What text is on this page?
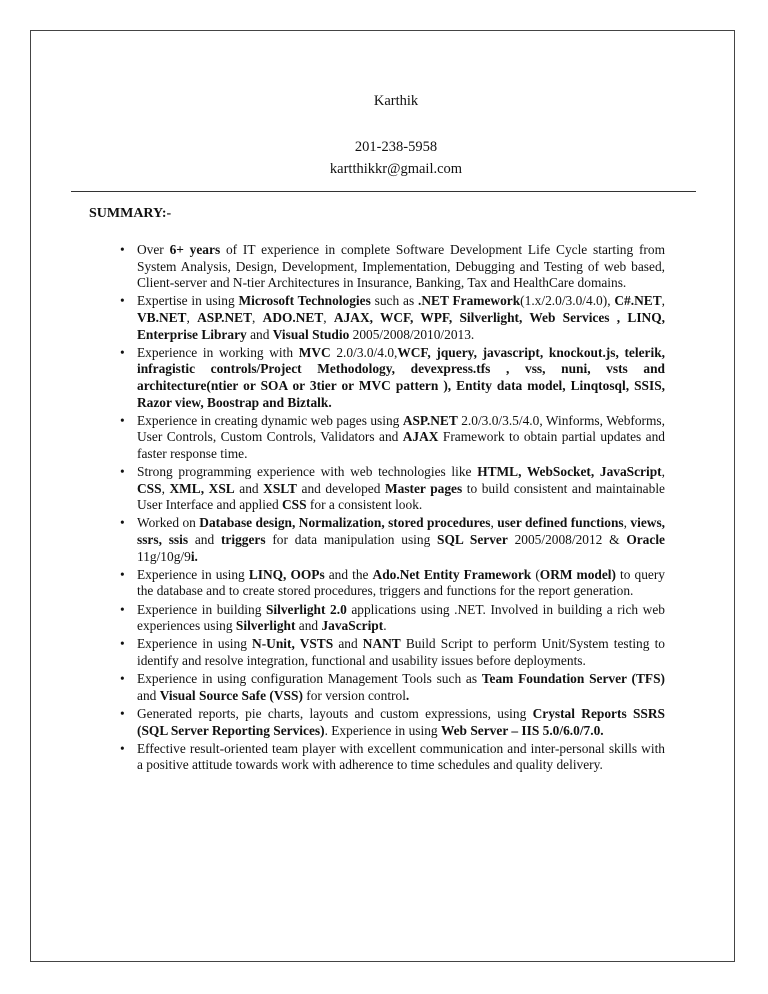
Karthik
201-238-5958
kartthikkr@gmail.com
SUMMARY:-
• Over 6+ years of IT experience in complete Software Development Life Cycle starting from System Analysis, Design, Development, Implementation, Debugging and Testing of web based, Client-server and N-tier Architectures in Insurance, Banking, Tax and HealthCare domains.
• Expertise in using Microsoft Technologies such as .NET Framework(1.x/2.0/3.0/4.0), C#.NET, VB.NET, ASP.NET, ADO.NET, AJAX, WCF, WPF, Silverlight, Web Services , LINQ, Enterprise Library and Visual Studio 2005/2008/2010/2013.
• Experience in working with MVC 2.0/3.0/4.0,WCF, jquery, javascript, knockout.js, telerik, infragistic controls/Project Methodology, devexpress.tfs , vss, nuni, vsts and architecture(ntier or SOA or 3tier or MVC pattern ), Entity data model, Linqtosql, SSIS, Razor view, Boostrap and Biztalk.
• Experience in creating dynamic web pages using ASP.NET 2.0/3.0/3.5/4.0, Winforms, Webforms, User Controls, Custom Controls, Validators and AJAX Framework to obtain partial updates and faster response time.
• Strong programming experience with web technologies like HTML, WebSocket, JavaScript, CSS, XML, XSL and XSLT and developed Master pages to build consistent and maintainable User Interface and applied CSS for a consistent look.
• Worked on Database design, Normalization, stored procedures, user defined functions, views, ssrs, ssis and triggers for data manipulation using SQL Server 2005/2008/2012 & Oracle 11g/10g/9i.
• Experience in using LINQ, OOPs and the Ado.Net Entity Framework (ORM model) to query the database and to create stored procedures, triggers and functions for the report generation.
• Experience in building Silverlight 2.0 applications using .NET. Involved in building a rich web experiences using Silverlight and JavaScript.
• Experience in using N-Unit, VSTS and NANT Build Script to perform Unit/System testing to identify and resolve integration, functional and usability issues before deployments.
• Experience in using configuration Management Tools such as Team Foundation Server (TFS) and Visual Source Safe (VSS) for version control.
• Generated reports, pie charts, layouts and custom expressions, using Crystal Reports SSRS (SQL Server Reporting Services). Experience in using Web Server – IIS 5.0/6.0/7.0.
• Effective result-oriented team player with excellent communication and inter-personal skills with a positive attitude towards work with adherence to time schedules and quality delivery.
